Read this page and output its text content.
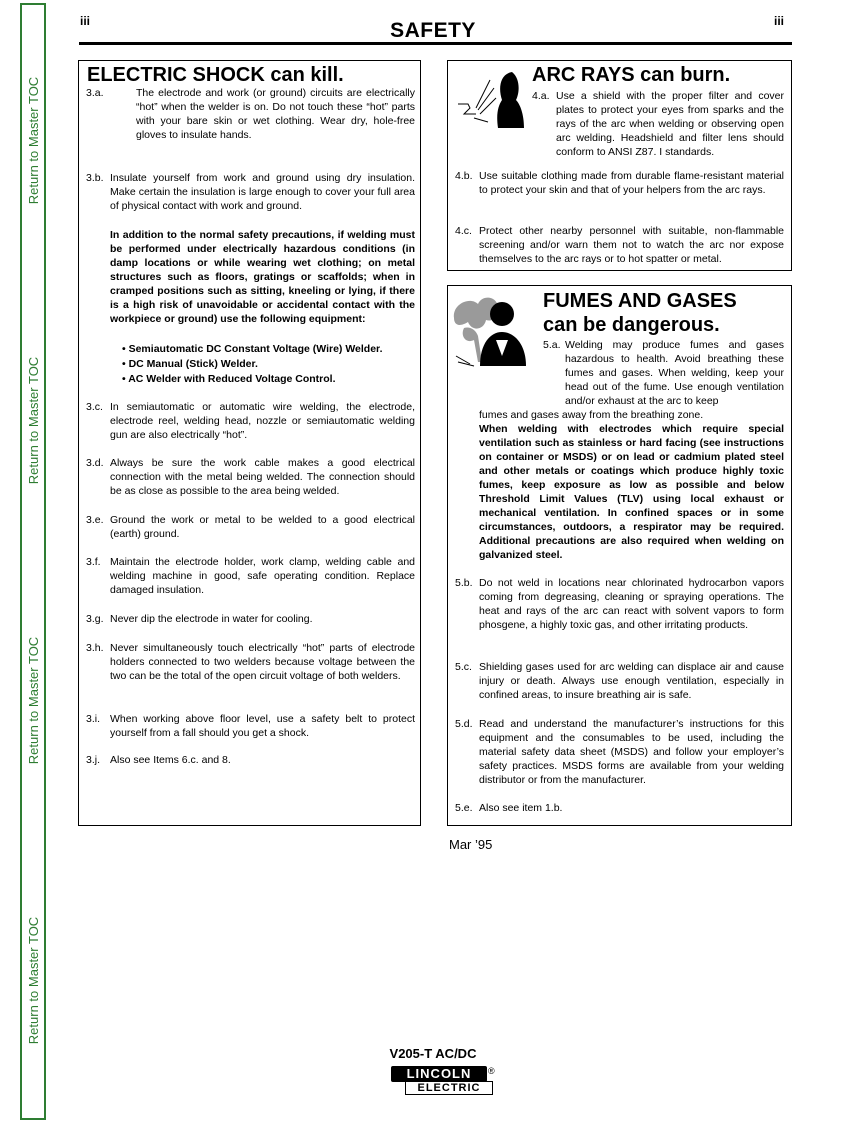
Return to Master TOC
Return to Master TOC
Return to Master TOC
Return to Master TOC
iii	iii
SAFETY
ELECTRIC SHOCK can kill.
3.a.	The electrode and work (or ground) circuits are electrically “hot” when the welder is on. Do not touch these “hot” parts with your bare skin or wet clothing. Wear dry, hole-free gloves to insulate hands.
3.b. Insulate yourself from work and ground using dry insulation. Make certain the insulation is large enough to cover your full area of physical contact with work and ground.
In addition to the normal safety precautions, if welding must be performed under electrically hazardous conditions (in damp locations or while wearing wet clothing; on metal structures such as floors, gratings or scaffolds; when in cramped positions such as sitting, kneeling or lying, if there is a high risk of unavoidable or accidental contact with the workpiece or ground) use the following equipment:
• Semiautomatic DC Constant Voltage (Wire) Welder.
• DC Manual (Stick) Welder.
• AC Welder with Reduced Voltage Control.
3.c. In semiautomatic or automatic wire welding, the electrode, electrode reel, welding head, nozzle or semiautomatic welding gun are also electrically “hot”.
3.d. Always be sure the work cable makes a good electrical connection with the metal being welded. The connection should be as close as possible to the area being welded.
3.e. Ground the work or metal to be welded to a good electrical (earth) ground.
3.f. Maintain the electrode holder, work clamp, welding cable and welding machine in good, safe operating condition. Replace damaged insulation.
3.g. Never dip the electrode in water for cooling.
3.h. Never simultaneously touch electrically “hot” parts of electrode holders connected to two welders because voltage between the two can be the total of the open circuit voltage of both welders.
3.i. When working above floor level, use a safety belt to protect yourself from a fall should you get a shock.
3.j. Also see Items 6.c. and 8.
ARC RAYS can burn.
4.a. Use a shield with the proper filter and cover plates to protect your eyes from sparks and the rays of the arc when welding or observing open arc welding. Headshield and filter lens should conform to ANSI Z87. I standards.
4.b. Use suitable clothing made from durable flame-resistant material to protect your skin and that of your helpers from the arc rays.
4.c. Protect other nearby personnel with suitable, non-flammable screening and/or warn them not to watch the arc nor expose themselves to the arc rays or to hot spatter or metal.
FUMES AND GASES
can be dangerous.
5.a. Welding may produce fumes and gases hazardous to health. Avoid breathing these fumes and gases. When welding, keep your head out of the fume. Use enough ventilation and/or exhaust at the arc to keep
fumes and gases away from the breathing zone.
When welding with electrodes which require special ventilation such as stainless or hard facing (see instructions on container or MSDS) or on lead or cadmium plated steel and other metals or coatings which produce highly toxic fumes, keep exposure as low as possible and below Threshold Limit Values (TLV) using local exhaust or mechanical ventilation. In confined spaces or in some circumstances, outdoors, a respirator may be required. Additional precautions are also required when welding on galvanized steel.
5.b. Do not weld in locations near chlorinated hydrocarbon vapors coming from degreasing, cleaning or spraying operations. The heat and rays of the arc can react with solvent vapors to form phosgene, a highly toxic gas, and other irritating products.
5.c. Shielding gases used for arc welding can displace air and cause injury or death. Always use enough ventilation, especially in confined areas, to insure breathing air is safe.
5.d. Read and understand the manufacturer’s instructions for this equipment and the consumables to be used, including the material safety data sheet (MSDS) and follow your employer’s safety practices. MSDS forms are available from your welding distributor or from the manufacturer.
5.e. Also see item 1.b.
Mar ’95
V205-T AC/DC
LINCOLN	®
ELECTRIC
